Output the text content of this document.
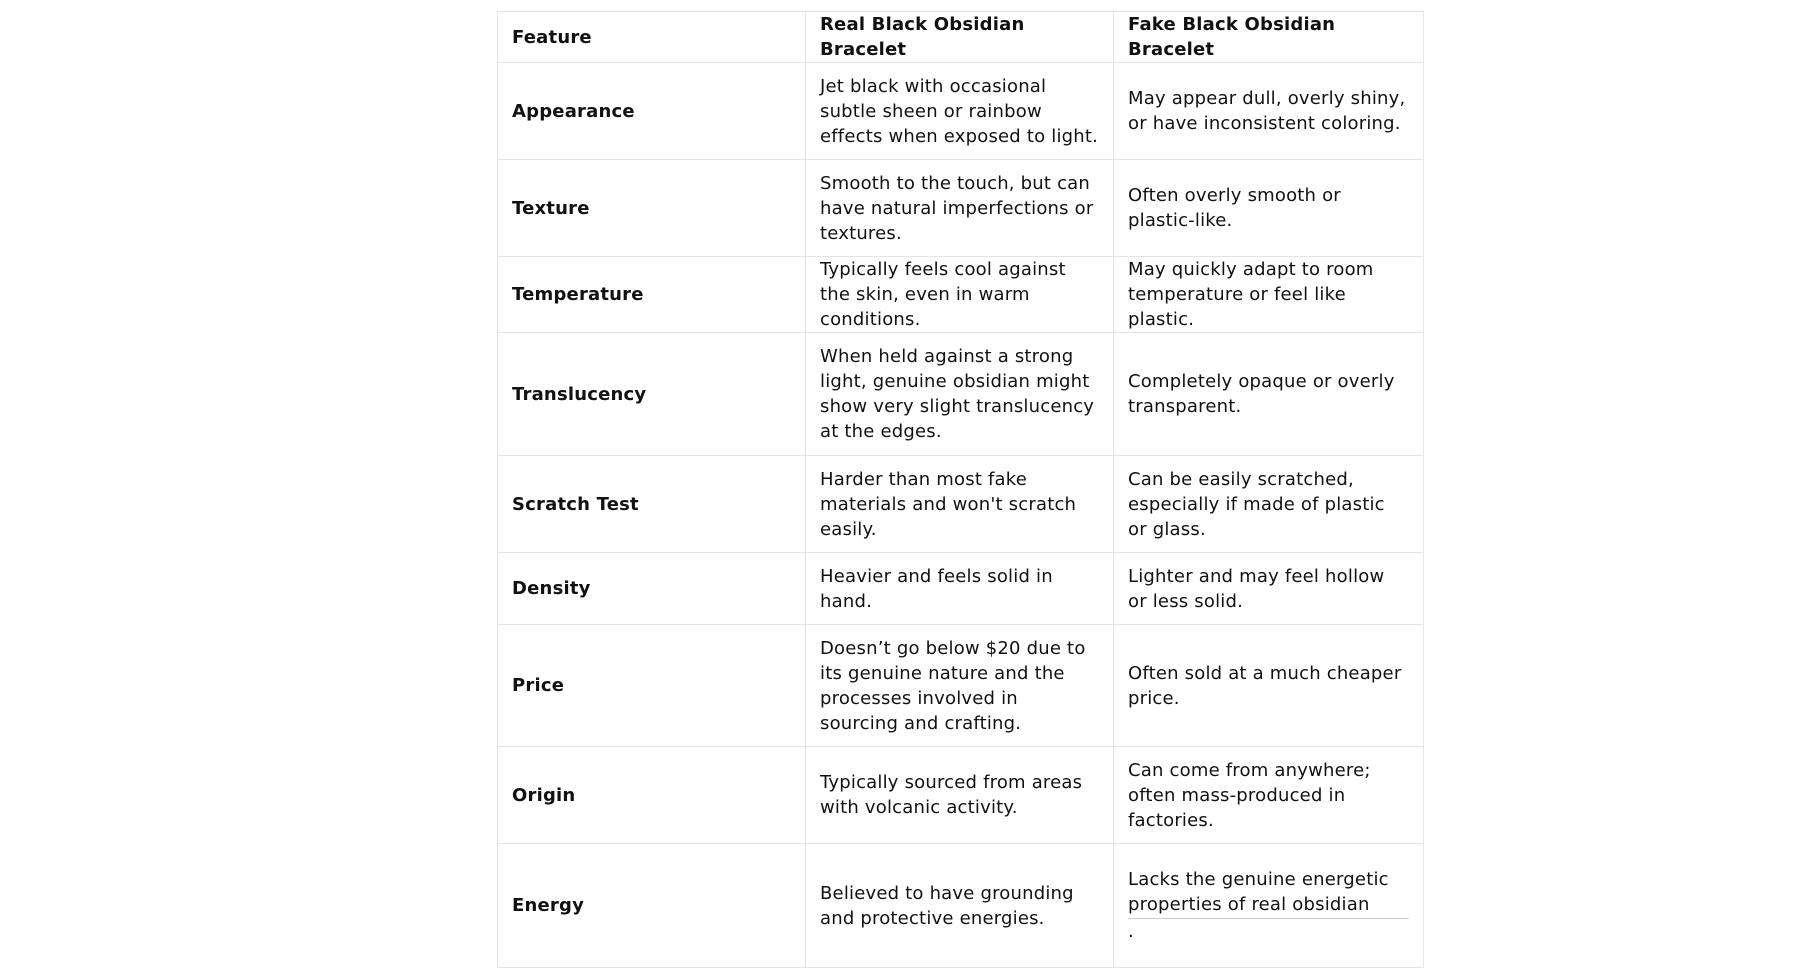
Feature	Real Black Obsidian Bracelet	Fake Black Obsidian Bracelet
Appearance	Jet black with occasional subtle sheen or rainbow effects when exposed to light.	May appear dull, overly shiny, or have inconsistent coloring.
Texture	Smooth to the touch, but can have natural imperfections or textures.	Often overly smooth or plastic-like.
Temperature	Typically feels cool against the skin, even in warm conditions.	May quickly adapt to room temperature or feel like plastic.
Translucency	When held against a strong light, genuine obsidian might show very slight translucency at the edges.	Completely opaque or overly transparent.
Scratch Test	Harder than most fake materials and won't scratch easily.	Can be easily scratched, especially if made of plastic or glass.
Density	Heavier and feels solid in hand.	Lighter and may feel hollow or less solid.
Price	Doesn’t go below $20 due to its genuine nature and the processes involved in sourcing and crafting.	Often sold at a much cheaper price.
Origin	Typically sourced from areas with volcanic activity.	Can come from anywhere; often mass-produced in factories.
Energy	Believed to have grounding and protective energies.	Lacks the genuine energetic properties of real obsidian
.
